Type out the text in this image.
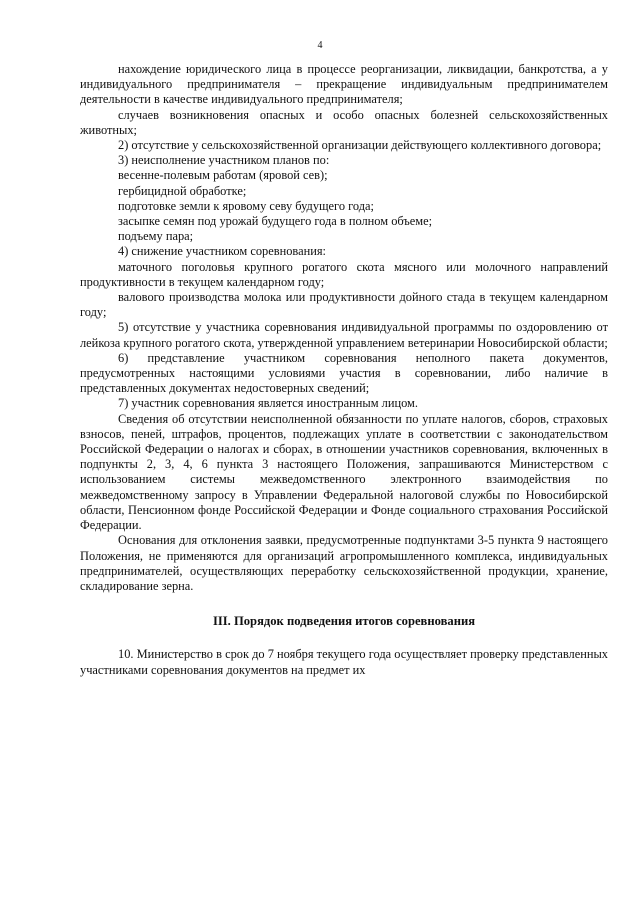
4

нахождение юридического лица в процессе реорганизации, ликвидации, банкротства, а у индивидуального предпринимателя – прекращение индивидуальным предпринимателем деятельности в качестве индивидуального предпринимателя;

случаев возникновения опасных и особо опасных болезней сельскохозяйственных животных;

2) отсутствие у сельскохозяйственной организации действующего коллективного договора;

3) неисполнение участником планов по:

весенне-полевым работам (яровой сев);

гербицидной обработке;

подготовке земли к яровому севу будущего года;

засыпке семян под урожай будущего года в полном объеме;

подъему пара;

4) снижение участником соревнования:

маточного поголовья крупного рогатого скота мясного или молочного направлений продуктивности в текущем календарном году;

валового производства молока или продуктивности дойного стада в текущем календарном году;

5) отсутствие у участника соревнования индивидуальной программы по оздоровлению от лейкоза крупного рогатого скота, утвержденной управлением ветеринарии Новосибирской области;

6) представление участником соревнования неполного пакета документов, предусмотренных настоящими условиями участия в соревновании, либо наличие в представленных документах недостоверных сведений;

7) участник соревнования является иностранным лицом.

Сведения об отсутствии неисполненной обязанности по уплате налогов, сборов, страховых взносов, пеней, штрафов, процентов, подлежащих уплате в соответствии с законодательством Российской Федерации о налогах и сборах, в отношении участников соревнования, включенных в подпункты 2, 3, 4, 6 пункта 3 настоящего Положения, запрашиваются Министерством с использованием системы межведомственного электронного взаимодействия по межведомственному запросу в Управлении Федеральной налоговой службы по Новосибирской области, Пенсионном фонде Российской Федерации и Фонде социального страхования Российской Федерации.

Основания для отклонения заявки, предусмотренные подпунктами 3-5 пункта 9 настоящего Положения, не применяются для организаций агропромышленного комплекса, индивидуальных предпринимателей, осуществляющих переработку сельскохозяйственной продукции, хранение, складирование зерна.

III. Порядок подведения итогов соревнования

10. Министерство в срок до 7 ноября текущего года осуществляет проверку представленных участниками соревнования документов на предмет их
